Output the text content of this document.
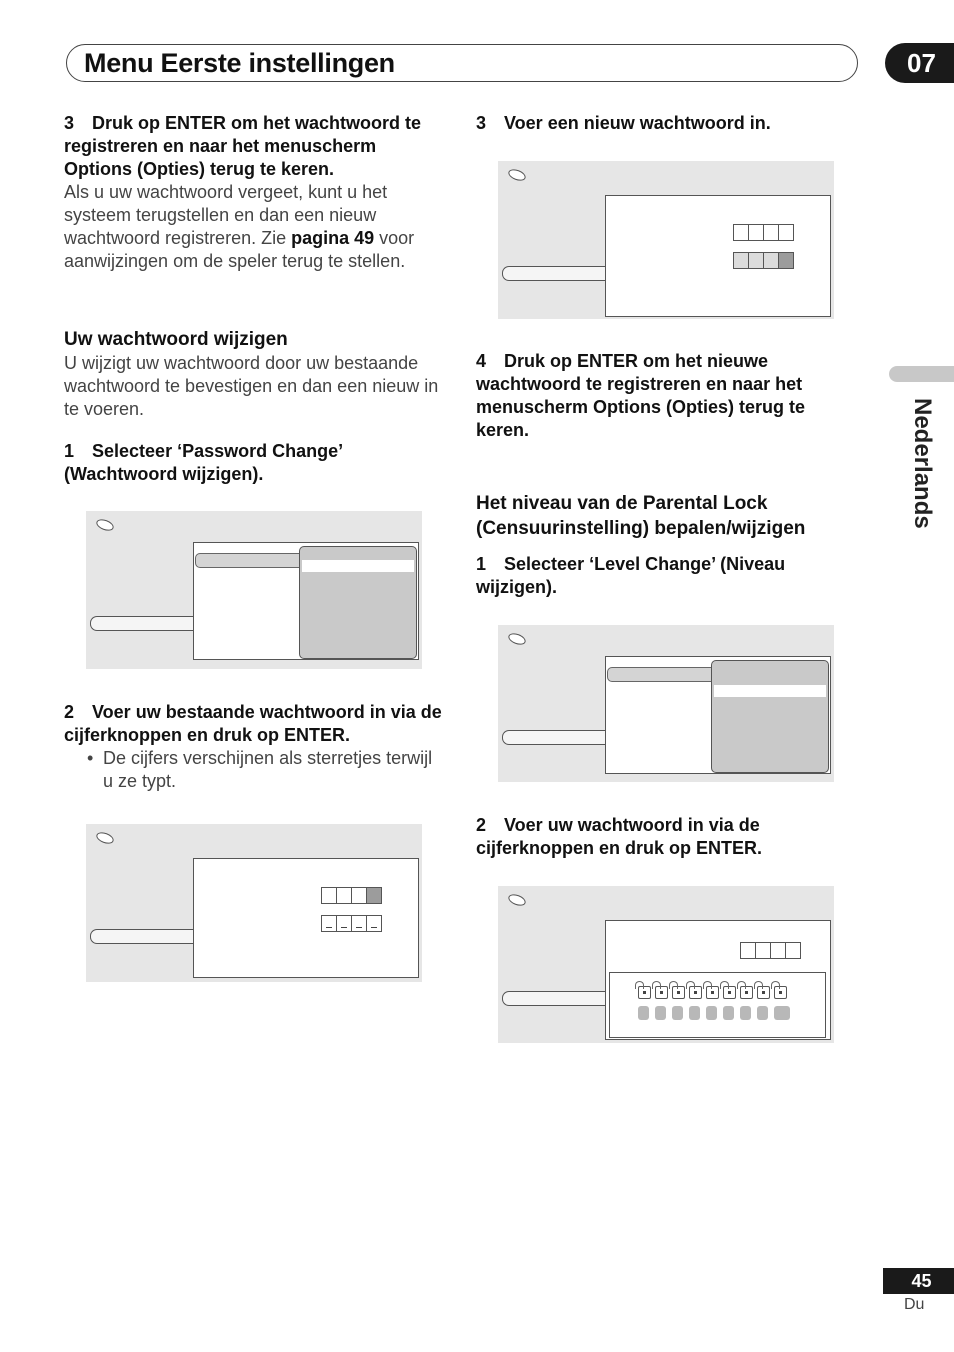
Menu Eerste instellingen	07
Nederlands
3 Druk op ENTER om het wachtwoord te registreren en naar het menuscherm Options (Opties) terug te keren.
Als u uw wachtwoord vergeet, kunt u het systeem terugstellen en dan een nieuw wachtwoord registreren. Zie pagina 49 voor aanwijzingen om de speler terug te stellen.
Uw wachtwoord wijzigen
U wijzigt uw wachtwoord door uw bestaande wachtwoord te bevestigen en dan een nieuw in te voeren.
1 Selecteer ‘Password Change’ (Wachtwoord wijzigen).
2 Voer uw bestaande wachtwoord in via de cijferknoppen en druk op ENTER.
• De cijfers verschijnen als sterretjes terwijl u ze typt.
3 Voer een nieuw wachtwoord in.
4 Druk op ENTER om het nieuwe wachtwoord te registreren en naar het menuscherm Options (Opties) terug te keren.
Het niveau van de Parental Lock (Censuurinstelling) bepalen/wijzigen
1 Selecteer ‘Level Change’ (Niveau wijzigen).
2 Voer uw wachtwoord in via de cijferknoppen en druk op ENTER.
45
Du
